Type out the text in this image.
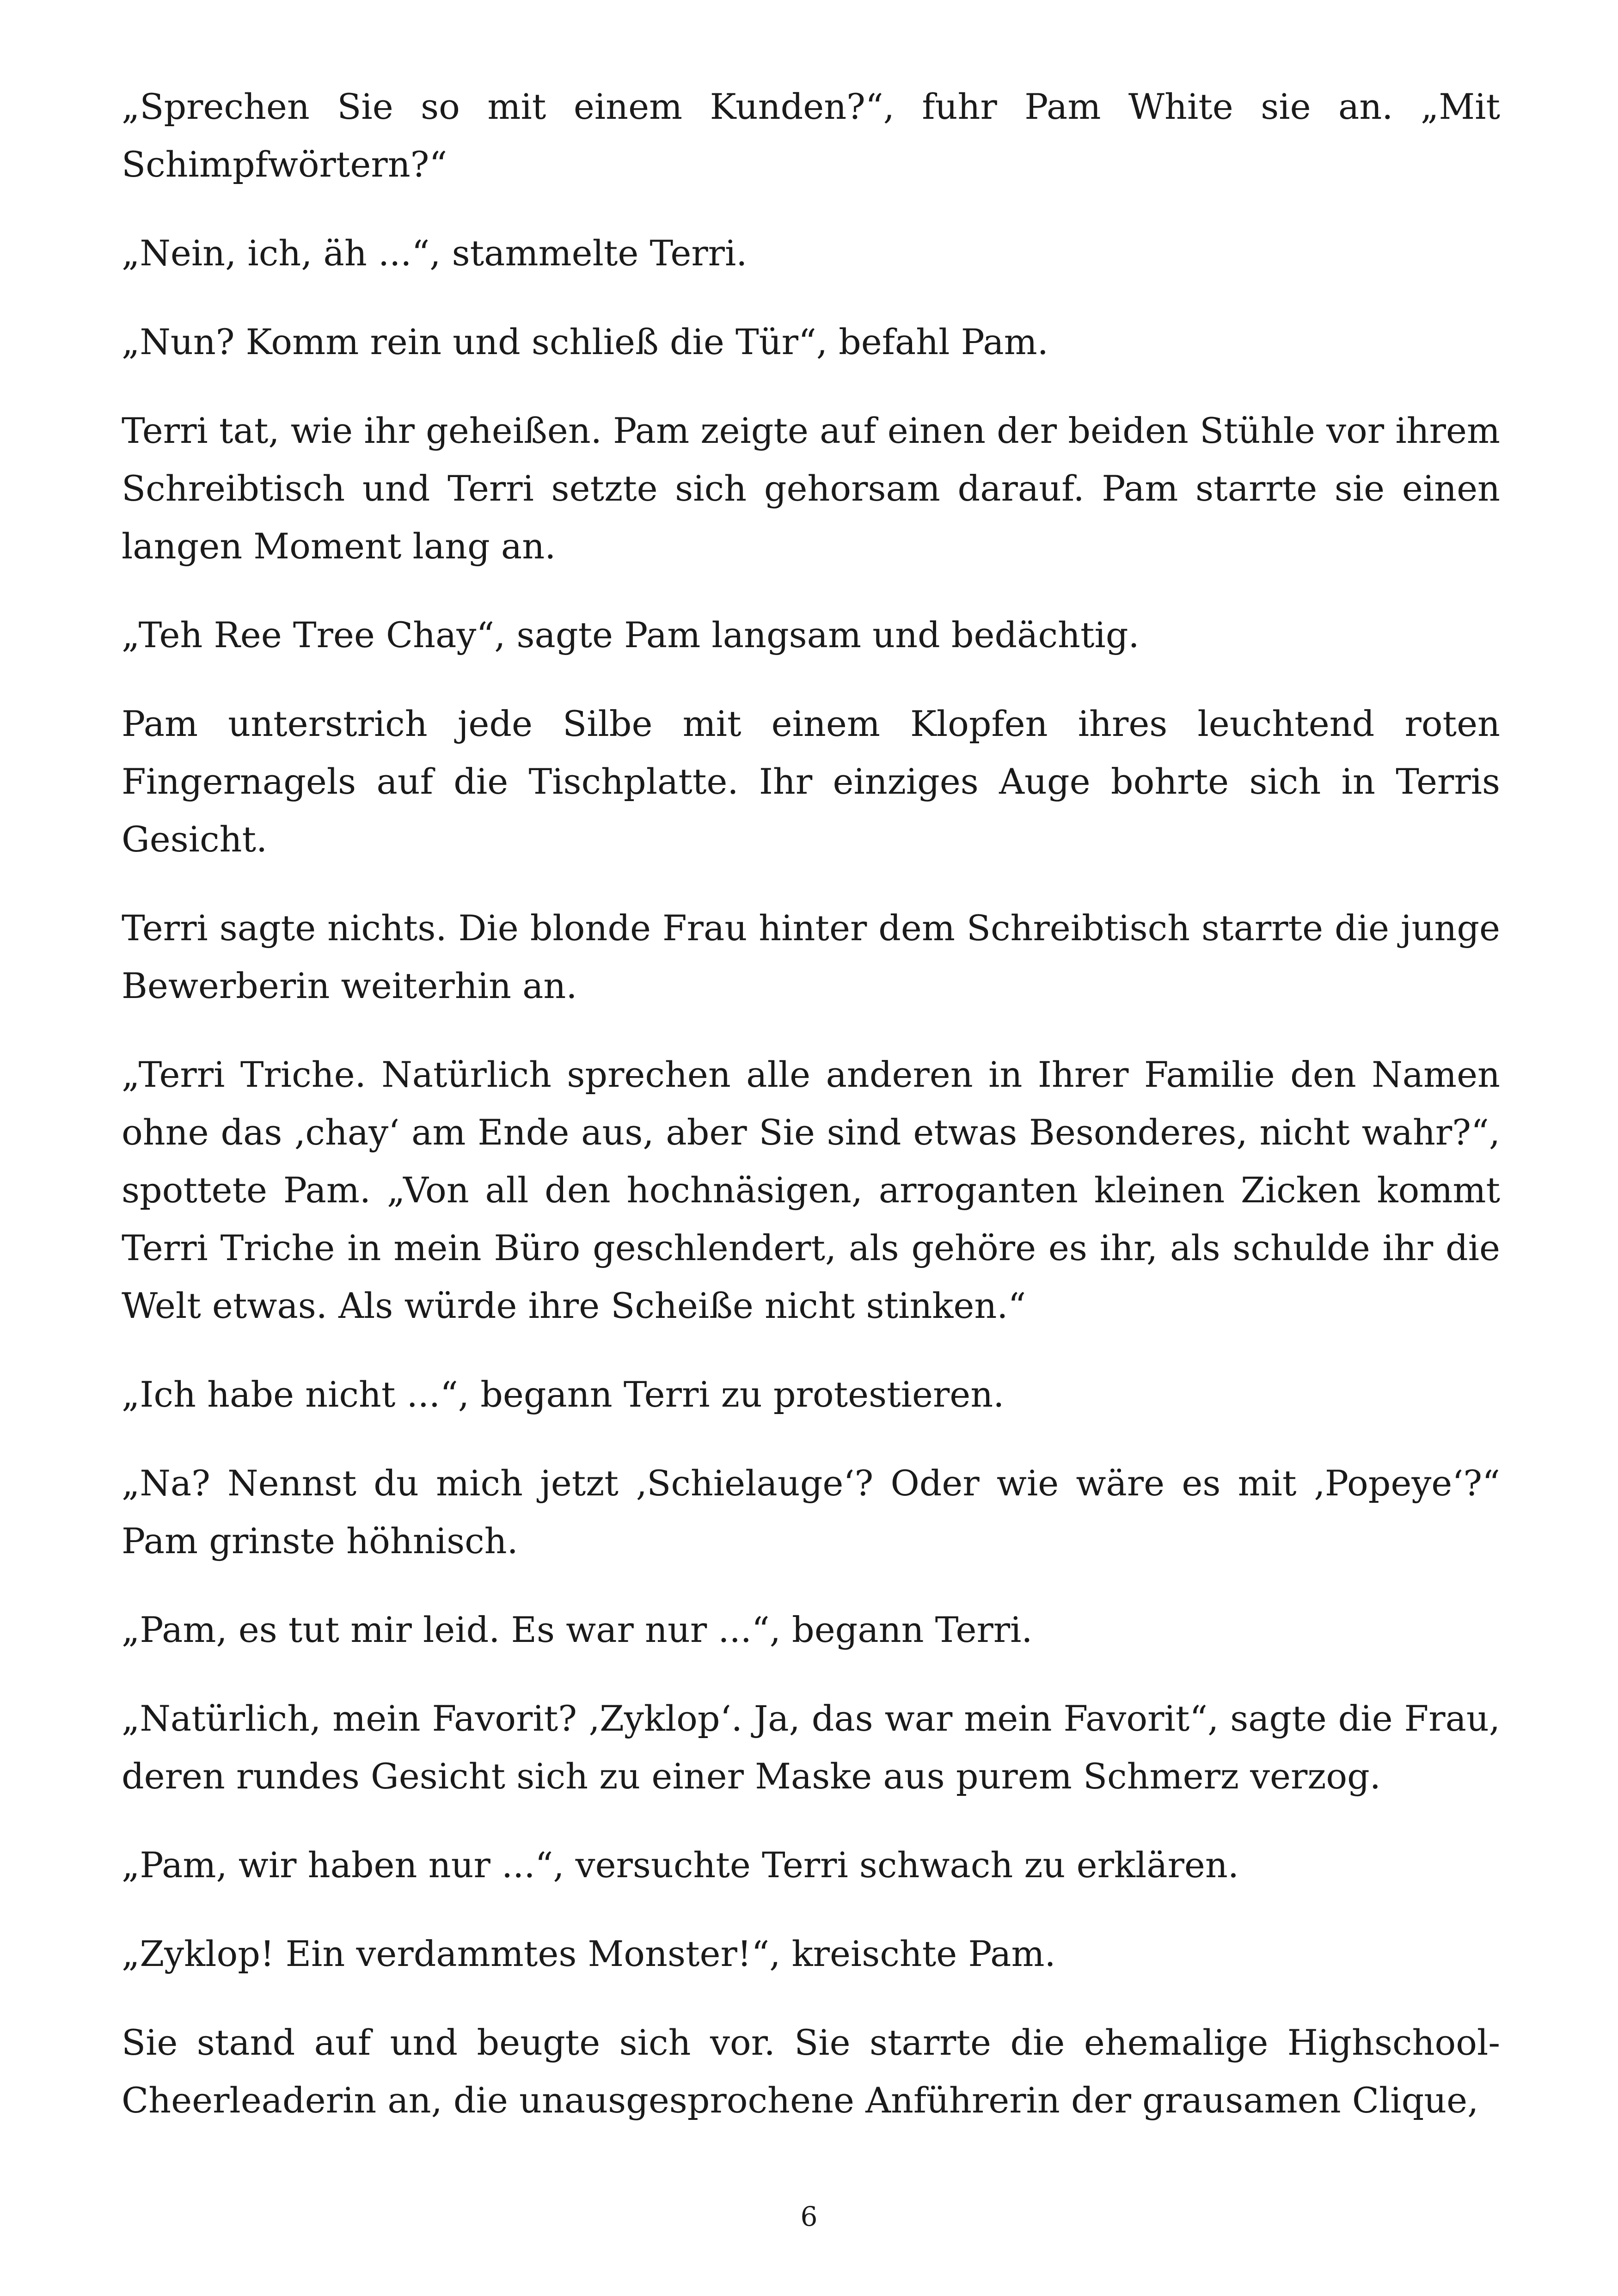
„Sprechen Sie so mit einem Kunden?“, fuhr Pam White sie an. „Mit Schimpfwörtern?“

„Nein, ich, äh ...“, stammelte Terri.

„Nun? Komm rein und schließ die Tür“, befahl Pam.

Terri tat, wie ihr geheißen. Pam zeigte auf einen der beiden Stühle vor ihrem Schreibtisch und Terri setzte sich gehorsam darauf. Pam starrte sie einen langen Moment lang an.

„Teh Ree Tree Chay“, sagte Pam langsam und bedächtig.

Pam unterstrich jede Silbe mit einem Klopfen ihres leuchtend roten Fingernagels auf die Tischplatte. Ihr einziges Auge bohrte sich in Terris Gesicht.

Terri sagte nichts. Die blonde Frau hinter dem Schreibtisch starrte die junge Bewerberin weiterhin an.

„Terri Triche. Natürlich sprechen alle anderen in Ihrer Familie den Namen ohne das ‚chay‘ am Ende aus, aber Sie sind etwas Besonderes, nicht wahr?“, spottete Pam. „Von all den hochnäsigen, arroganten kleinen Zicken kommt Terri Triche in mein Büro geschlendert, als gehöre es ihr, als schulde ihr die Welt etwas. Als würde ihre Scheiße nicht stinken.“

„Ich habe nicht ...“, begann Terri zu protestieren.

„Na? Nennst du mich jetzt ‚Schielauge‘? Oder wie wäre es mit ‚Popeye‘?“ Pam grinste höhnisch.

„Pam, es tut mir leid. Es war nur ...“, begann Terri.

„Natürlich, mein Favorit? ‚Zyklop‘. Ja, das war mein Favorit“, sagte die Frau, deren rundes Gesicht sich zu einer Maske aus purem Schmerz verzog.

„Pam, wir haben nur ...“, versuchte Terri schwach zu erklären.

„Zyklop! Ein verdammtes Monster!“, kreischte Pam.

Sie stand auf und beugte sich vor. Sie starrte die ehemalige Highschool-Cheerleaderin an, die unausgesprochene Anführerin der grausamen Clique,

6
